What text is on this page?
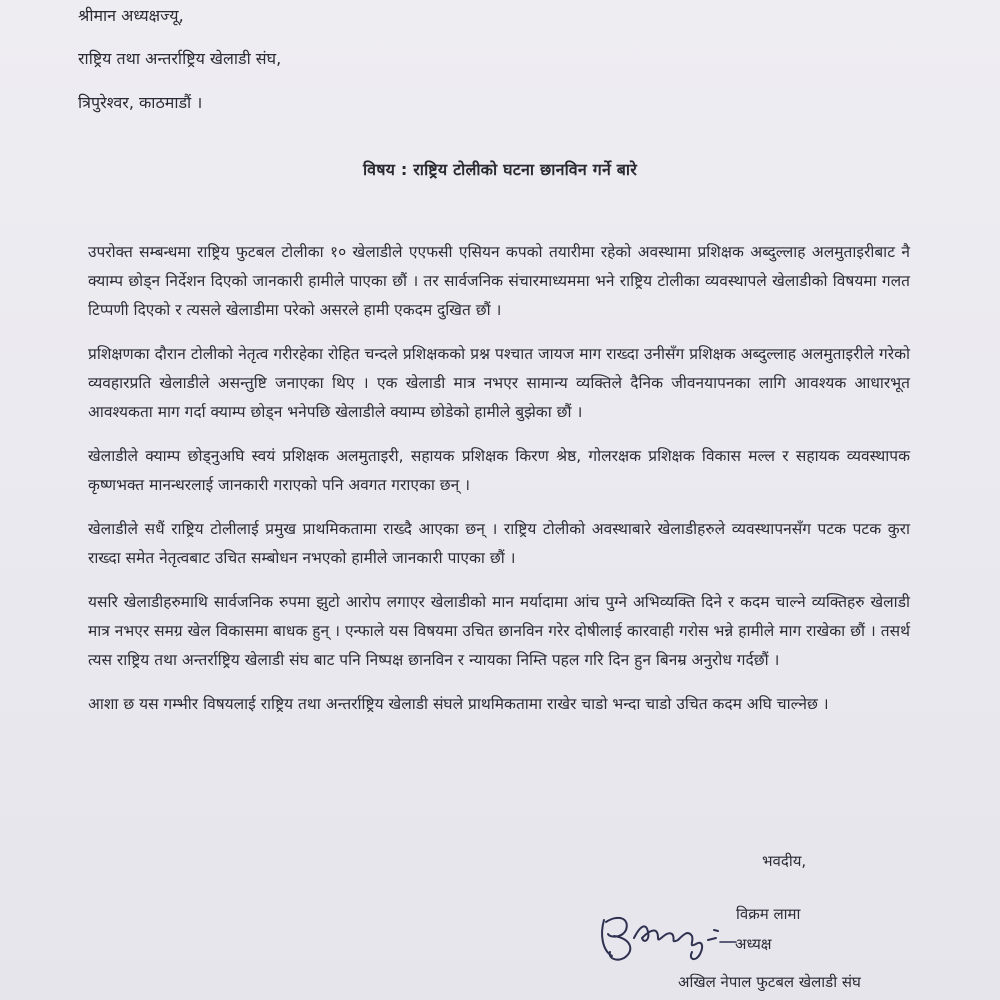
श्रीमान अध्यक्षज्यू,
राष्ट्रिय तथा अन्तर्राष्ट्रिय खेलाडी संघ,
त्रिपुरेश्वर, काठमाडौं ।
विषय : राष्ट्रिय टोलीको घटना छानविन गर्ने बारे

उपरोक्त सम्बन्धमा राष्ट्रिय फुटबल टोलीका १० खेलाडीले एएफसी एसियन कपको तयारीमा रहेको अवस्थामा प्रशिक्षक अब्दुल्लाह अलमुताइरीबाट नै क्याम्प छोड्न निर्देशन दिएको जानकारी हामीले पाएका छौं । तर सार्वजनिक संचारमाध्यममा भने राष्ट्रिय टोलीका व्यवस्थापले खेलाडीको विषयमा गलत टिप्पणी दिएको र त्यसले खेलाडीमा परेको असरले हामी एकदम दुखित छौं ।

प्रशिक्षणका दौरान टोलीको नेतृत्व गरीरहेका रोहित चन्दले प्रशिक्षकको प्रश्न पश्चात जायज माग राख्दा उनीसँग प्रशिक्षक अब्दुल्लाह अलमुताइरीले गरेको व्यवहारप्रति खेलाडीले असन्तुष्टि जनाएका थिए । एक खेलाडी मात्र नभएर सामान्य व्यक्तिले दैनिक जीवनयापनका लागि आवश्यक आधारभूत आवश्यकता माग गर्दा क्याम्प छोड्न भनेपछि खेलाडीले क्याम्प छोडेको हामीले बुझेका छौं ।

खेलाडीले क्याम्प छोड्नुअघि स्वयं प्रशिक्षक अलमुताइरी, सहायक प्रशिक्षक किरण श्रेष्ठ, गोलरक्षक प्रशिक्षक विकास मल्ल र सहायक व्यवस्थापक कृष्णभक्त मानन्धरलाई जानकारी गराएको पनि अवगत गराएका छन् ।

खेलाडीले सधैं राष्ट्रिय टोलीलाई प्रमुख प्राथमिकतामा राख्दै आएका छन् । राष्ट्रिय टोलीको अवस्थाबारे खेलाडीहरुले व्यवस्थापनसँग पटक पटक कुरा राख्दा समेत नेतृत्वबाट उचित सम्बोधन नभएको हामीले जानकारी पाएका छौं ।

यसरि खेलाडीहरुमाथि सार्वजनिक रुपमा झुटो आरोप लगाएर खेलाडीको मान मर्यादामा आंच पुग्ने अभिव्यक्ति दिने र कदम चाल्ने व्यक्तिहरु खेलाडी मात्र नभएर समग्र खेल विकासमा बाधक हुन् । एन्फाले यस विषयमा उचित छानविन गरेर दोषीलाई कारवाही गरोस भन्ने हामीले माग राखेका छौं । तसर्थ त्यस राष्ट्रिय तथा अन्तर्राष्ट्रिय खेलाडी संघ बाट पनि निष्पक्ष छानविन र न्यायका निम्ति पहल गरि दिन हुन बिनम्र अनुरोध गर्दछौं ।

आशा छ यस गम्भीर विषयलाई राष्ट्रिय तथा अन्तर्राष्ट्रिय खेलाडी संघले प्राथमिकतामा राखेर चाडो भन्दा चाडो उचित कदम अघि चाल्नेछ ।

भवदीय,
विक्रम लामा
अध्यक्ष
अखिल नेपाल फुटबल खेलाडी संघ
